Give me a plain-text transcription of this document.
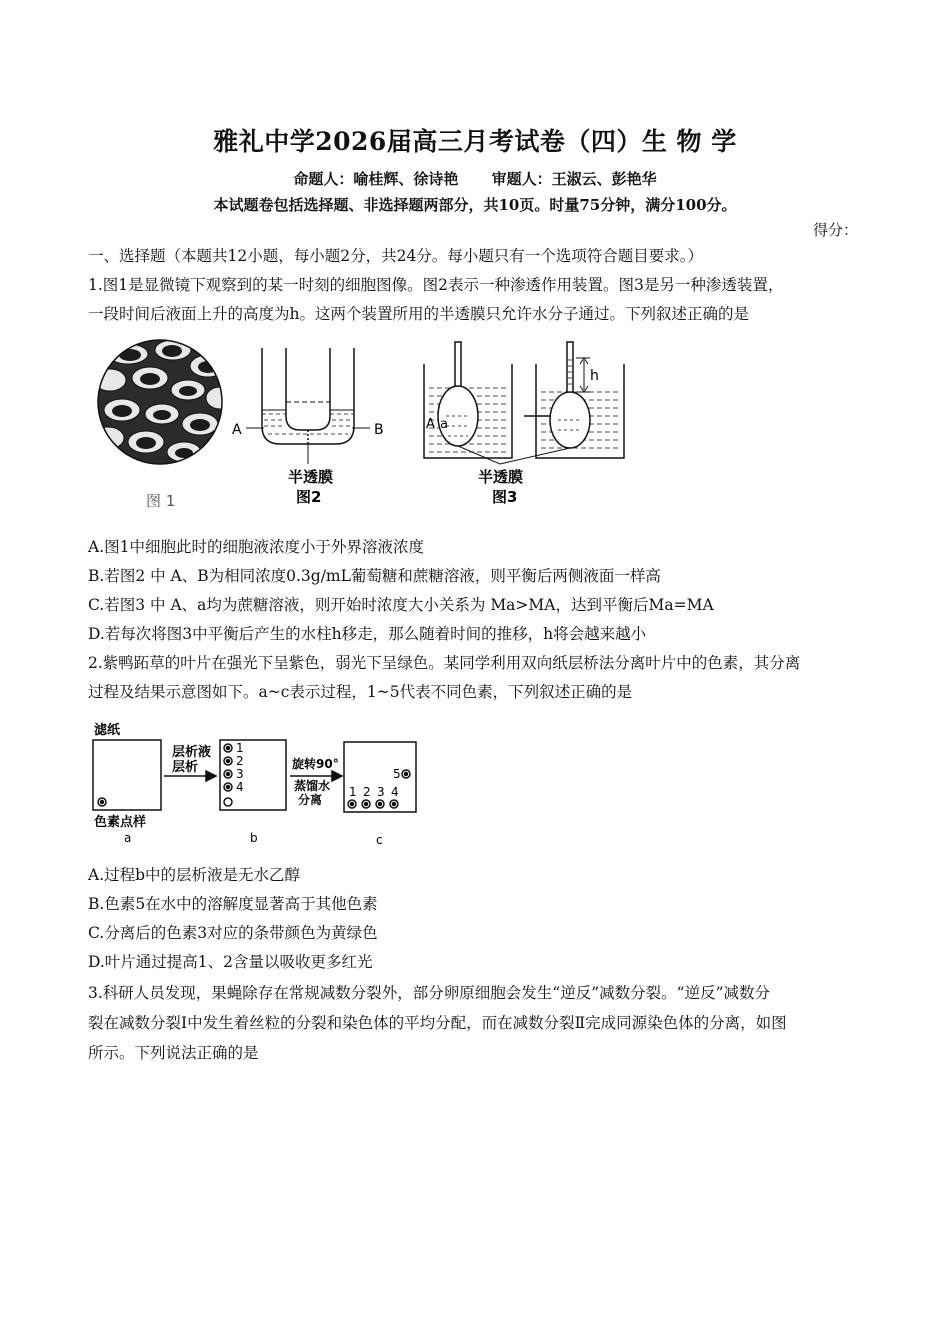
雅礼中学2026届高三月考试卷（四）生 物 学
命题人：喻桂辉、徐诗艳 审题人：王淑云、彭艳华
本试题卷包括选择题、非选择题两部分，共10页。时量75分钟，满分100分。
得分：
一、选择题（本题共12小题，每小题2分，共24分。每小题只有一个选项符合题目要求。）
1.图1是显微镜下观察到的某一时刻的细胞图像。图2表示一种渗透作用装置。图3是另一种渗透装置，
一段时间后液面上升的高度为h。这两个装置所用的半透膜只允许水分子通过。下列叙述正确的是
图 1
A	B
半透膜
图2
A a
h
半透膜
图3
A.图1中细胞此时的细胞液浓度小于外界溶液浓度
B.若图2 中 A、B为相同浓度0.3g/mL葡萄糖和蔗糖溶液，则平衡后两侧液面一样高
C.若图3 中 A、a均为蔗糖溶液，则开始时浓度大小关系为 Ma>MA，达到平衡后Ma=MA
D.若每次将图3中平衡后产生的水柱h移走，那么随着时间的推移，h将会越来越小
2.紫鸭跖草的叶片在强光下呈紫色，弱光下呈绿色。某同学利用双向纸层桥法分离叶片中的色素，其分离
过程及结果示意图如下。a~c表示过程，1~5代表不同色素，下列叙述正确的是
滤纸
色素点样
a
层析液
层析
1
2
3
4
b
旋转90°
蒸馏水
分离
1 2 3 4
5
c
A.过程b中的层析液是无水乙醇
B.色素5在水中的溶解度显著高于其他色素
C.分离后的色素3对应的条带颜色为黄绿色
D.叶片通过提高1、2含量以吸收更多红光
3.科研人员发现，果蝇除存在常规减数分裂外，部分卵原细胞会发生“逆反”减数分裂。“逆反”减数分
裂在减数分裂Ⅰ中发生着丝粒的分裂和染色体的平均分配，而在减数分裂Ⅱ完成同源染色体的分离，如图
所示。下列说法正确的是
